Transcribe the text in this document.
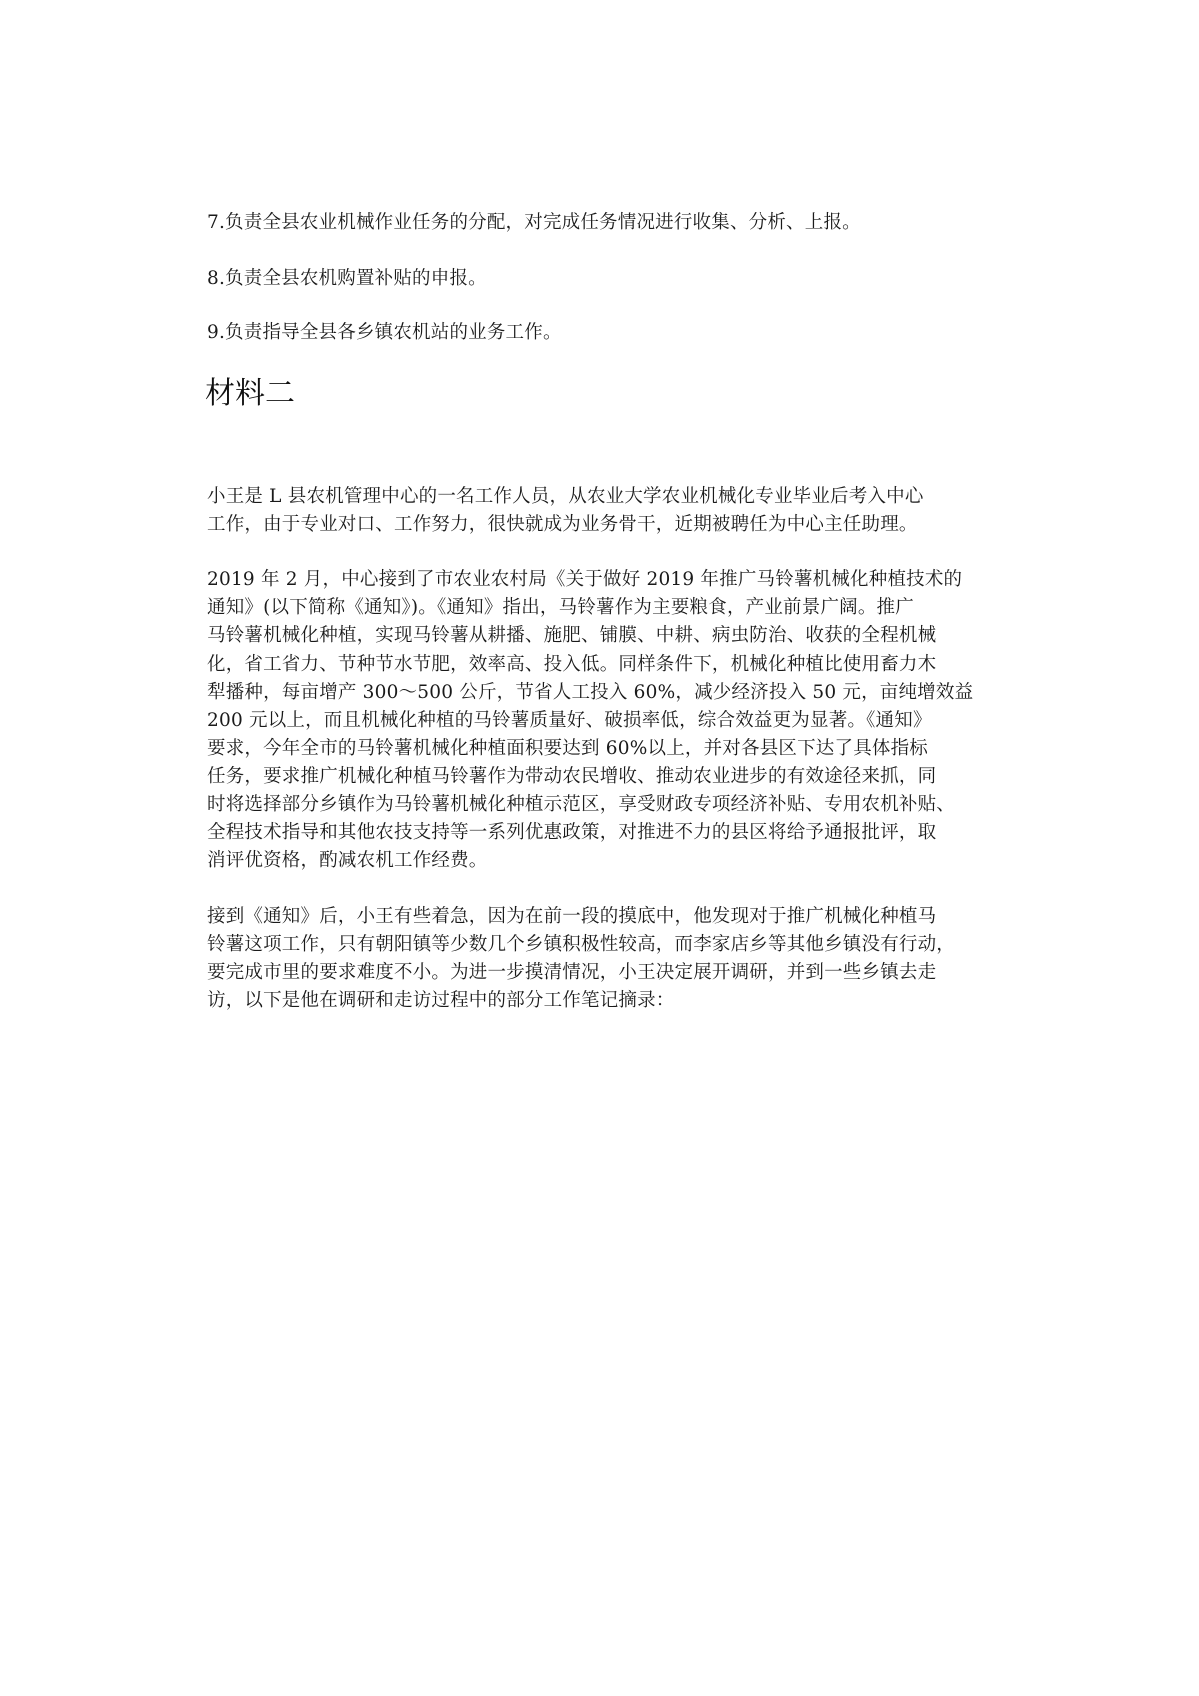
7.负责全县农业机械作业任务的分配，对完成任务情况进行收集、分析、上报。

8.负责全县农机购置补贴的申报。

9.负责指导全县各乡镇农机站的业务工作。

材料二

小王是 L 县农机管理中心的一名工作人员，从农业大学农业机械化专业毕业后考入中心

工作，由于专业对口、工作努力，很快就成为业务骨干，近期被聘任为中心主任助理。

2019 年 2 月，中心接到了市农业农村局《关于做好 2019 年推广马铃薯机械化种植技术的

通知》(以下简称《通知》)。《通知》指出，马铃薯作为主要粮食，产业前景广阔。推广

马铃薯机械化种植，实现马铃薯从耕播、施肥、铺膜、中耕、病虫防治、收获的全程机械

化，省工省力、节种节水节肥，效率高、投入低。同样条件下，机械化种植比使用畜力木

犁播种，每亩增产 300～500 公斤，节省人工投入 60%，减少经济投入 50 元，亩纯增效益

200 元以上，而且机械化种植的马铃薯质量好、破损率低，综合效益更为显著。《通知》

要求，今年全市的马铃薯机械化种植面积要达到 60%以上，并对各县区下达了具体指标

任务，要求推广机械化种植马铃薯作为带动农民增收、推动农业进步的有效途径来抓，同

时将选择部分乡镇作为马铃薯机械化种植示范区，享受财政专项经济补贴、专用农机补贴、

全程技术指导和其他农技支持等一系列优惠政策，对推进不力的县区将给予通报批评，取

消评优资格，酌减农机工作经费。

接到《通知》后，小王有些着急，因为在前一段的摸底中，他发现对于推广机械化种植马

铃薯这项工作，只有朝阳镇等少数几个乡镇积极性较高，而李家店乡等其他乡镇没有行动，

要完成市里的要求难度不小。为进一步摸清情况，小王决定展开调研，并到一些乡镇去走

访，以下是他在调研和走访过程中的部分工作笔记摘录：
